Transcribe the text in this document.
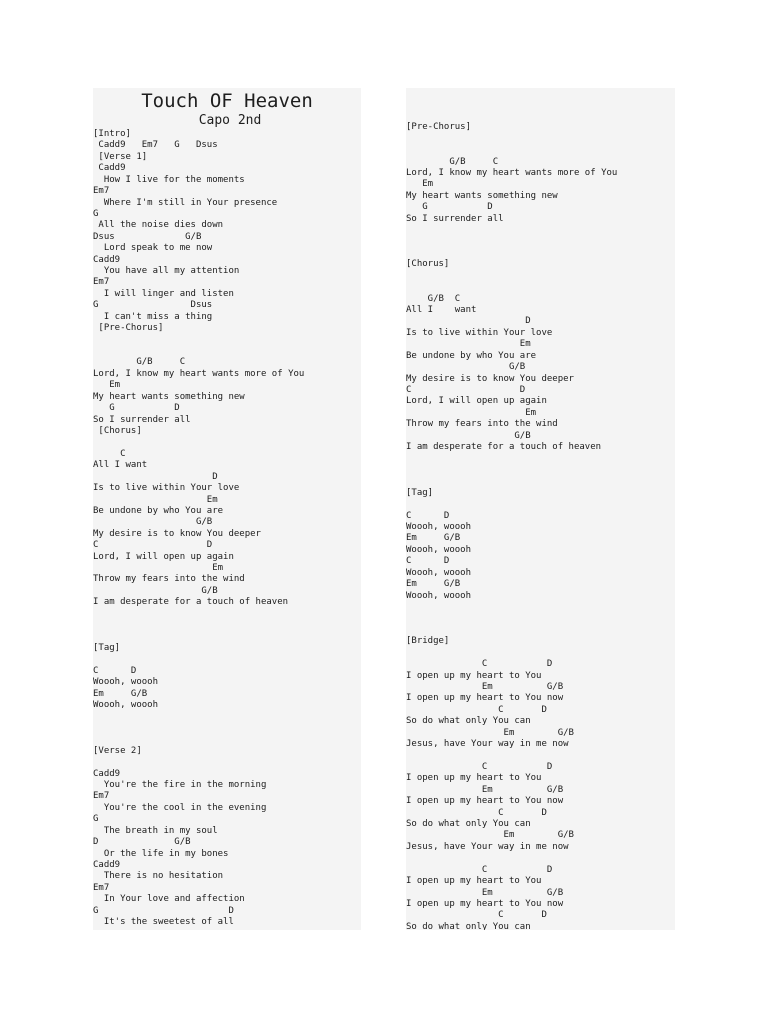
Touch OF Heaven
Capo 2nd
[Intro]
Cadd9   Em7   G   Dsus
[Verse 1]
Cadd9
How I live for the moments
Em7
Where I'm still in Your presence
G
All the noise dies down
Dsus             G/B
Lord speak to me now
Cadd9
You have all my attention
Em7
I will linger and listen
G                 Dsus
I can't miss a thing
[Pre-Chorus]
G/B     C
Lord, I know my heart wants more of You
Em
My heart wants something new
G           D
So I surrender all
[Chorus]
C
All I want
D
Is to live within Your love
Em
Be undone by who You are
G/B
My desire is to know You deeper
C                    D
Lord, I will open up again
Em
Throw my fears into the wind
G/B
I am desperate for a touch of heaven
[Tag]
C      D
Woooh, woooh
Em     G/B
Woooh, woooh
[Verse 2]
Cadd9
You're the fire in the morning
Em7
You're the cool in the evening
G
The breath in my soul
D              G/B
Or the life in my bones
Cadd9
There is no hesitation
Em7
In Your love and affection
G                        D
It's the sweetest of all
[Pre-Chorus]
G/B     C
Lord, I know my heart wants more of You
Em
My heart wants something new
G           D
So I surrender all
[Chorus]
G/B  C
All I    want
D
Is to live within Your love
Em
Be undone by who You are
G/B
My desire is to know You deeper
C                    D
Lord, I will open up again
Em
Throw my fears into the wind
G/B
I am desperate for a touch of heaven
[Tag]
C      D
Woooh, woooh
Em     G/B
Woooh, woooh
C      D
Woooh, woooh
Em     G/B
Woooh, woooh
[Bridge]
C           D
I open up my heart to You
Em          G/B
I open up my heart to You now
C       D
So do what only You can
Em        G/B
Jesus, have Your way in me now
C           D
I open up my heart to You
Em          G/B
I open up my heart to You now
C       D
So do what only You can
Em        G/B
Jesus, have Your way in me now
C           D
I open up my heart to You
Em          G/B
I open up my heart to You now
C       D
So do what only You can
